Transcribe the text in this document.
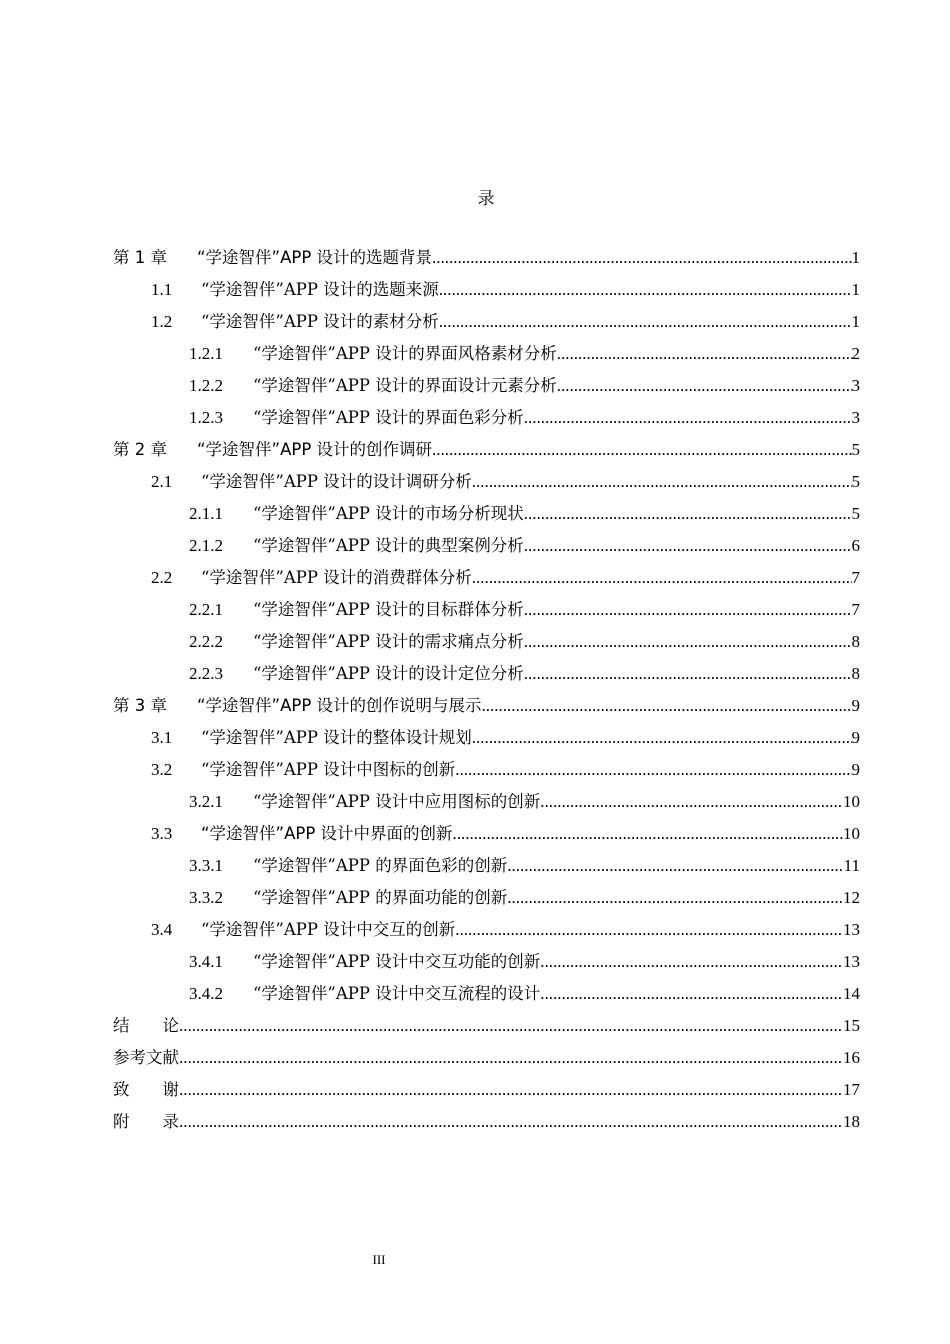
录
第 1 章	“学途智伴”APP 设计的选题背景 .....	1
1.1	“学途智伴”APP 设计的选题来源 .....	1
1.2	“学途智伴”APP 设计的素材分析 .....	1
1.2.1	“学途智伴”APP 设计的界面风格素材分析 .....	2
1.2.2	“学途智伴”APP 设计的界面设计元素分析 .....	3
1.2.3	“学途智伴”APP 设计的界面色彩分析 .....	3
第 2 章	“学途智伴”APP 设计的创作调研 .....	5
2.1	“学途智伴”APP 设计的设计调研分析 .....	5
2.1.1	“学途智伴”APP 设计的市场分析现状 .....	5
2.1.2	“学途智伴”APP 设计的典型案例分析 .....	6
2.2	“学途智伴”APP 设计的消费群体分析 .....	7
2.2.1	“学途智伴”APP 设计的目标群体分析 .....	7
2.2.2	“学途智伴”APP 设计的需求痛点分析 .....	8
2.2.3	“学途智伴”APP 设计的设计定位分析 .....	8
第 3 章	“学途智伴”APP 设计的创作说明与展示 .....	9
3.1	“学途智伴”APP 设计的整体设计规划 .....	9
3.2	“学途智伴”APP 设计中图标的创新 .....	9
3.2.1	“学途智伴”APP 设计中应用图标的创新 .....	10
3.3	“学途智伴”APP 设计中界面的创新 .....	10
3.3.1	“学途智伴”APP 的界面色彩的创新 .....	11
3.3.2	“学途智伴”APP 的界面功能的创新 .....	12
3.4	“学途智伴”APP 设计中交互的创新 .....	13
3.4.1	“学途智伴”APP 设计中交互功能的创新 .....	13
3.4.2	“学途智伴”APP 设计中交互流程的设计 .....	14
结　　论 .....	15
参考文献 .....	16
致　　谢 .....	17
附　　录 .....	18
III
